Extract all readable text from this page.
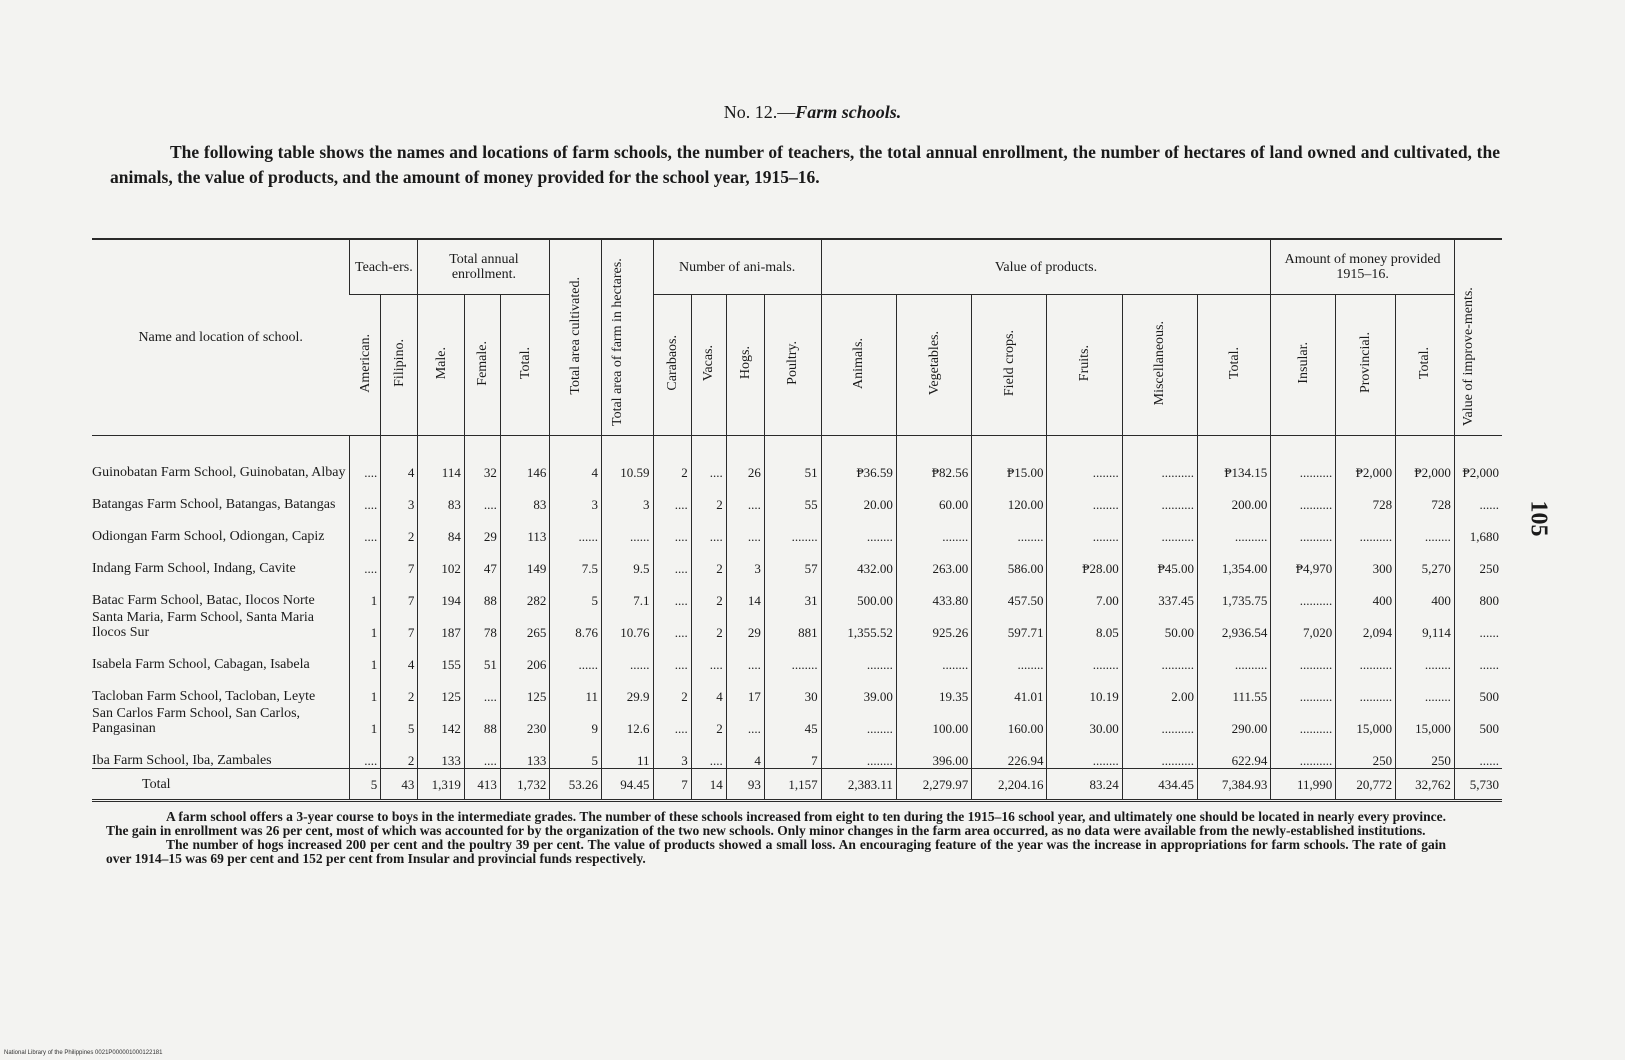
No. 12.—Farm schools.
The following table shows the names and locations of farm schools, the number of teachers, the total annual enrollment, the number of hectares of land owned and cultivated, the animals, the value of products, and the amount of money provided for the school year, 1915–16.
105
Name and location of school.	Teach-ers.		Total annual enrollment.			Total area cultivated.	Total area of farm in hectares.	Number of ani-mals.				Value of products.						Amount of money provided 1915–16.			Value of improve-ments.
	American.	Filipino.	Male.	Female.	Total.			Carabaos.	Vacas.	Hogs.	Poultry.	Animals.	Vegetables.	Field crops.	Fruits.	Miscellaneous.	Total.	Insular.	Provincial.	Total.	
Guinobatan Farm School, Guinobatan, Albay	....	4	114	32	146	4	10.59	2	....	26	51	₱36.59	₱82.56	₱15.00	........	..........	₱134.15	..........	₱2,000	₱2,000	₱2,000
Batangas Farm School, Batangas, Batangas	....	3	83	....	83	3	3	....	2	....	55	20.00	60.00	120.00	........	..........	200.00	..........	728	728	......
Odiongan Farm School, Odiongan, Capiz	....	2	84	29	113	......	......	....	....	....	........	........	........	........	........	..........	..........	..........	..........	........	1,680
Indang Farm School, Indang, Cavite	....	7	102	47	149	7.5	9.5	....	2	3	57	432.00	263.00	586.00	₱28.00	₱45.00	1,354.00	₱4,970	300	5,270	250
Batac Farm School, Batac, Ilocos Norte	1	7	194	88	282	5	7.1	....	2	14	31	500.00	433.80	457.50	7.00	337.45	1,735.75	..........	400	400	800
Santa Maria, Farm School, Santa Maria Ilocos Sur	1	7	187	78	265	8.76	10.76	....	2	29	881	1,355.52	925.26	597.71	8.05	50.00	2,936.54	7,020	2,094	9,114	......
Isabela Farm School, Cabagan, Isabela	1	4	155	51	206	......	......	....	....	....	........	........	........	........	........	..........	..........	..........	..........	........	......
Tacloban Farm School, Tacloban, Leyte	1	2	125	....	125	11	29.9	2	4	17	30	39.00	19.35	41.01	10.19	2.00	111.55	..........	..........	........	500
San Carlos Farm School, San Carlos, Pangasinan	1	5	142	88	230	9	12.6	....	2	....	45	........	100.00	160.00	30.00	..........	290.00	..........	15,000	15,000	500
Iba Farm School, Iba, Zambales	....	2	133	....	133	5	11	3	....	4	7	........	396.00	226.94	........	..........	622.94	..........	250	250	......
Total	5	43	1,319	413	1,732	53.26	94.45	7	14	93	1,157	2,383.11	2,279.97	2,204.16	83.24	434.45	7,384.93	11,990	20,772	32,762	5,730

A farm school offers a 3-year course to boys in the intermediate grades. The number of these schools increased from eight to ten during the 1915–16 school year, and ultimately one should be located in nearly every province. The gain in enrollment was 26 per cent, most of which was accounted for by the organization of the two new schools. Only minor changes in the farm area occurred, as no data were available from the newly-established institutions.

The number of hogs increased 200 per cent and the poultry 39 per cent. The value of products showed a small loss. An encouraging feature of the year was the increase in appropriations for farm schools. The rate of gain over 1914–15 was 69 per cent and 152 per cent from Insular and provincial funds respectively.

National Library of the Philippines 0021P000001000122181
